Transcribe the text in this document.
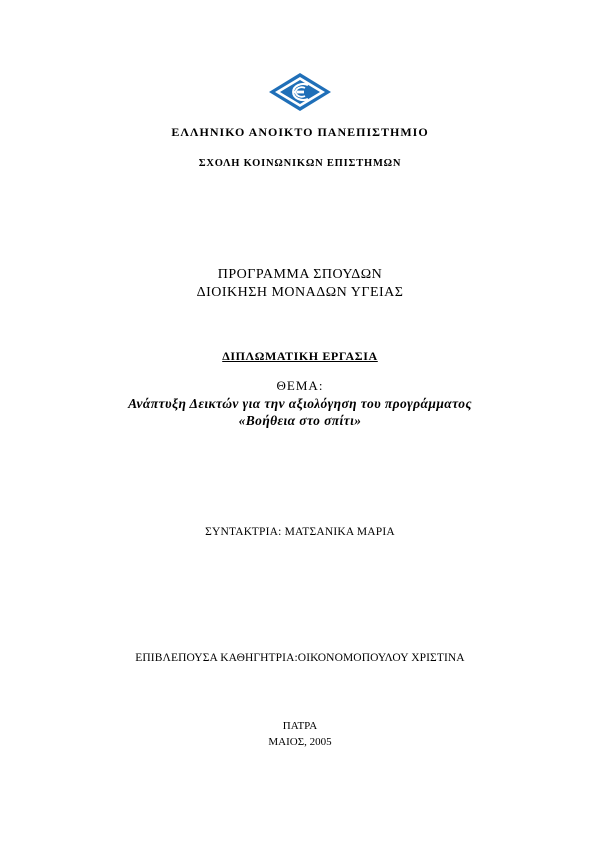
ΕΛΛΗΝΙΚΟ ΑΝΟΙΚΤΟ ΠΑΝΕΠΙΣΤΗΜΙΟ
ΣΧΟΛΗ ΚΟΙΝΩΝΙΚΩΝ ΕΠΙΣΤΗΜΩΝ
ΠΡΟΓΡΑΜΜΑ ΣΠΟΥΔΩΝ
ΔΙΟΙΚΗΣΗ ΜΟΝΑΔΩΝ ΥΓΕΙΑΣ
ΔΙΠΛΩΜΑΤΙΚΗ ΕΡΓΑΣΙΑ
ΘΕΜΑ:
Ανάπτυξη Δεικτών για την αξιολόγηση του προγράμματος
«Βοήθεια στο σπίτι»
ΣΥΝΤΑΚΤΡΙΑ: ΜΑΤΣΑΝΙΚΑ ΜΑΡΙΑ
ΕΠΙΒΛΕΠΟΥΣΑ ΚΑΘΗΓΗΤΡΙΑ:ΟΙΚΟΝΟΜΟΠΟΥΛΟΥ ΧΡΙΣΤΙΝΑ
ΠΑΤΡΑ
ΜΑΙΟΣ, 2005
